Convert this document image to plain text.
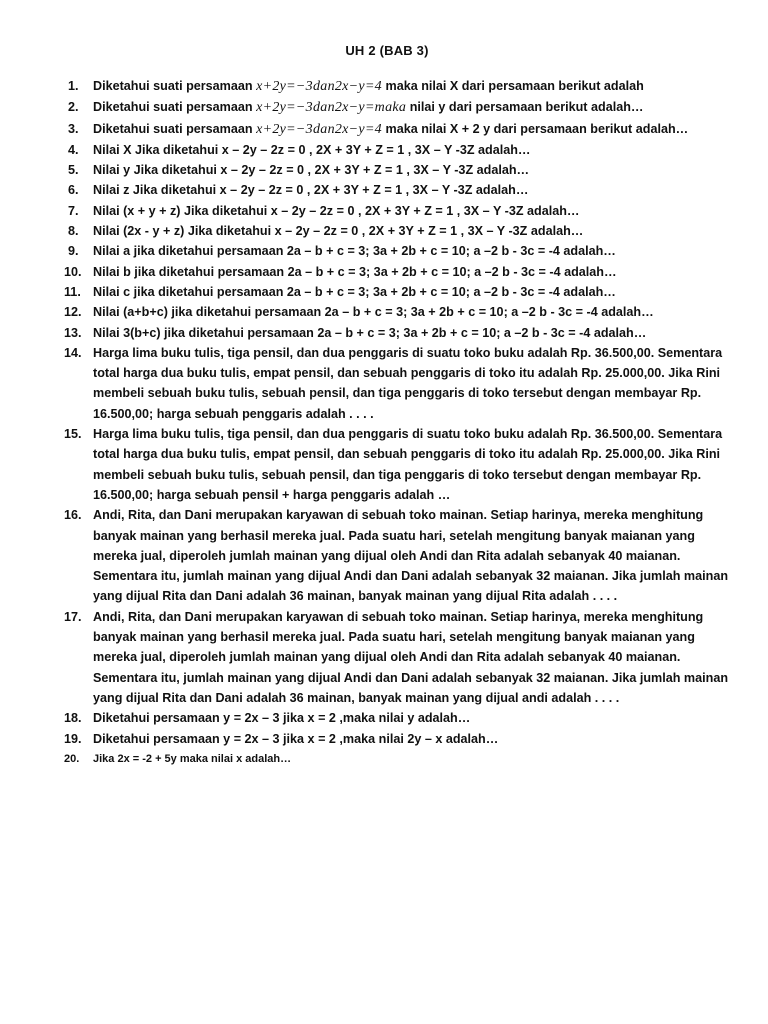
UH 2 (BAB 3)
1.	Diketahui suati persamaan x+2y=−3dan2x−y=4 maka nilai X dari persamaan berikut adalah
2.	Diketahui suati persamaan x+2y=−3dan2x−y=maka nilai y dari persamaan berikut adalah…
3.	Diketahui suati persamaan x+2y=−3dan2x−y=4 maka nilai X + 2 y dari persamaan berikut adalah…
4.	Nilai X Jika diketahui x – 2y – 2z = 0 , 2X + 3Y + Z = 1 , 3X – Y -3Z adalah…
5.	Nilai y Jika diketahui x – 2y – 2z = 0 , 2X + 3Y + Z = 1 , 3X – Y -3Z adalah…
6.	Nilai z Jika diketahui x – 2y – 2z = 0 , 2X + 3Y + Z = 1 , 3X – Y -3Z adalah…
7.	Nilai (x + y + z) Jika diketahui x – 2y – 2z = 0 , 2X + 3Y + Z = 1 , 3X – Y -3Z adalah…
8.	Nilai (2x - y + z) Jika diketahui x – 2y – 2z = 0 , 2X + 3Y + Z = 1 , 3X – Y -3Z adalah…
9.	Nilai a jika diketahui persamaan 2a – b + c = 3; 3a + 2b + c = 10; a –2 b - 3c = -4 adalah…
10. Nilai b jika diketahui persamaan 2a – b + c = 3; 3a + 2b + c = 10; a –2 b - 3c = -4 adalah…
11. Nilai c jika diketahui persamaan 2a – b + c = 3; 3a + 2b + c = 10; a –2 b - 3c = -4 adalah…
12. Nilai (a+b+c) jika diketahui persamaan 2a – b + c = 3; 3a + 2b + c = 10; a –2 b - 3c = -4 adalah…
13. Nilai 3(b+c) jika diketahui persamaan 2a – b + c = 3; 3a + 2b + c = 10; a –2 b - 3c = -4 adalah…
14. Harga lima buku tulis, tiga pensil, dan dua penggaris di suatu toko buku adalah Rp. 36.500,00. Sementara total harga dua buku tulis, empat pensil, dan sebuah penggaris di toko itu adalah Rp. 25.000,00. Jika Rini membeli sebuah buku tulis, sebuah pensil, dan tiga penggaris di toko tersebut dengan membayar Rp. 16.500,00; harga sebuah penggaris adalah . . . .
15. Harga lima buku tulis, tiga pensil, dan dua penggaris di suatu toko buku adalah Rp. 36.500,00. Sementara total harga dua buku tulis, empat pensil, dan sebuah penggaris di toko itu adalah Rp. 25.000,00. Jika Rini membeli sebuah buku tulis, sebuah pensil, dan tiga penggaris di toko tersebut dengan membayar Rp. 16.500,00; harga sebuah pensil + harga penggaris adalah …
16. Andi, Rita, dan Dani merupakan karyawan di sebuah toko mainan. Setiap harinya, mereka menghitung banyak mainan yang berhasil mereka jual. Pada suatu hari, setelah mengitung banyak maianan yang mereka jual, diperoleh jumlah mainan yang dijual oleh Andi dan Rita adalah sebanyak 40 maianan. Sementara itu, jumlah mainan yang dijual Andi dan Dani adalah sebanyak 32 maianan. Jika jumlah mainan yang dijual Rita dan Dani adalah 36 mainan, banyak mainan yang dijual Rita adalah . . . .
17. Andi, Rita, dan Dani merupakan karyawan di sebuah toko mainan. Setiap harinya, mereka menghitung banyak mainan yang berhasil mereka jual. Pada suatu hari, setelah mengitung banyak maianan yang mereka jual, diperoleh jumlah mainan yang dijual oleh Andi dan Rita adalah sebanyak 40 maianan. Sementara itu, jumlah mainan yang dijual Andi dan Dani adalah sebanyak 32 maianan. Jika jumlah mainan yang dijual Rita dan Dani adalah 36 mainan, banyak mainan yang dijual andi adalah . . . .
18. Diketahui persamaan y = 2x – 3 jika x = 2 ,maka nilai y adalah…
19. Diketahui persamaan y = 2x – 3 jika x = 2 ,maka nilai 2y – x adalah…
20.	Jika 2x = -2 + 5y maka nilai x adalah…
